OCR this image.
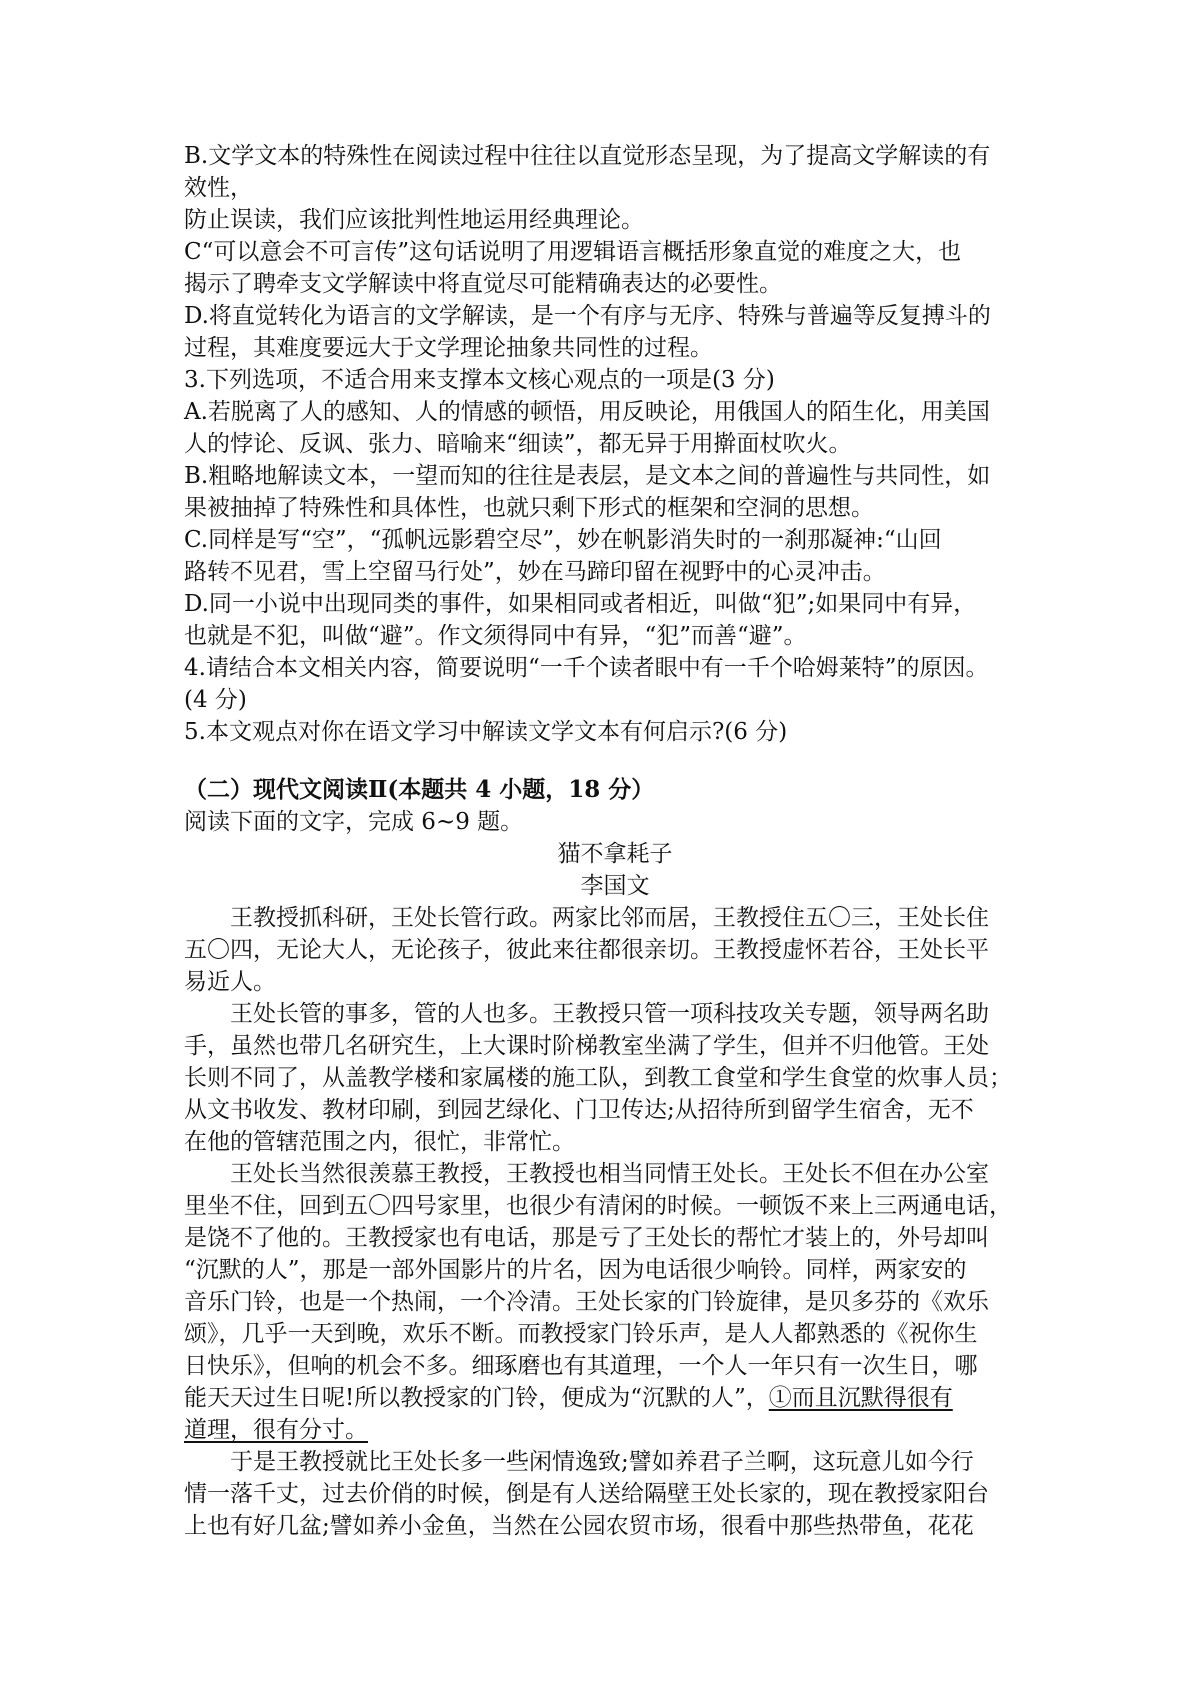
B.文学文本的特殊性在阅读过程中往往以直觉形态呈现，为了提高文学解读的有
效性，
防止误读，我们应该批判性地运用经典理论。
C“可以意会不可言传”这句话说明了用逻辑语言概括形象直觉的难度之大，也
揭示了聘牵支文学解读中将直觉尽可能精确表达的必要性。
D.将直觉转化为语言的文学解读，是一个有序与无序、特殊与普遍等反复搏斗的
过程，其难度要远大于文学理论抽象共同性的过程。
3.下列选项，不适合用来支撑本文核心观点的一项是(3 分)
A.若脱离了人的感知、人的情感的顿悟，用反映论，用俄国人的陌生化，用美国
人的悖论、反讽、张力、暗喻来“细读”，都无异于用擀面杖吹火。
B.粗略地解读文本，一望而知的往往是表层，是文本之间的普遍性与共同性，如
果被抽掉了特殊性和具体性，也就只剩下形式的框架和空洞的思想。
C.同样是写“空”，“孤帆远影碧空尽”，妙在帆影消失时的一刹那凝神:“山回
路转不见君，雪上空留马行处”，妙在马蹄印留在视野中的心灵冲击。
D.同一小说中出现同类的事件，如果相同或者相近，叫做“犯”;如果同中有异，
也就是不犯，叫做“避”。作文须得同中有异，“犯”而善“避”。
4.请结合本文相关内容，简要说明“一千个读者眼中有一千个哈姆莱特”的原因。
(4 分)
5.本文观点对你在语文学习中解读文学文本有何启示?(6 分)
（二）现代文阅读Ⅱ(本题共 4 小题，18 分）
阅读下面的文字，完成 6~9 题。
猫不拿耗子
李国文
王教授抓科研，王处长管行政。两家比邻而居，王教授住五〇三，王处长住
五〇四，无论大人，无论孩子，彼此来往都很亲切。王教授虚怀若谷，王处长平
易近人。
王处长管的事多，管的人也多。王教授只管一项科技攻关专题，领导两名助
手，虽然也带几名研究生，上大课时阶梯教室坐满了学生，但并不归他管。王处
长则不同了，从盖教学楼和家属楼的施工队，到教工食堂和学生食堂的炊事人员；
从文书收发、教材印刷，到园艺绿化、门卫传达;从招待所到留学生宿舍，无不
在他的管辖范围之内，很忙，非常忙。
王处长当然很羡慕王教授，王教授也相当同情王处长。王处长不但在办公室
里坐不住，回到五〇四号家里，也很少有清闲的时候。一顿饭不来上三两通电话，
是饶不了他的。王教授家也有电话，那是亏了王处长的帮忙才装上的，外号却叫
“沉默的人”，那是一部外国影片的片名，因为电话很少响铃。同样，两家安的
音乐门铃，也是一个热闹，一个冷清。王处长家的门铃旋律，是贝多芬的《欢乐
颂》，几乎一天到晚，欢乐不断。而教授家门铃乐声，是人人都熟悉的《祝你生
日快乐》，但响的机会不多。细琢磨也有其道理，一个人一年只有一次生日，哪
能天天过生日呢!所以教授家的门铃，便成为“沉默的人”，①而且沉默得很有
道理，很有分寸。
于是王教授就比王处长多一些闲情逸致;譬如养君子兰啊，这玩意儿如今行
情一落千丈，过去价俏的时候，倒是有人送给隔壁王处长家的，现在教授家阳台
上也有好几盆;譬如养小金鱼，当然在公园农贸市场，很看中那些热带鱼，花花
